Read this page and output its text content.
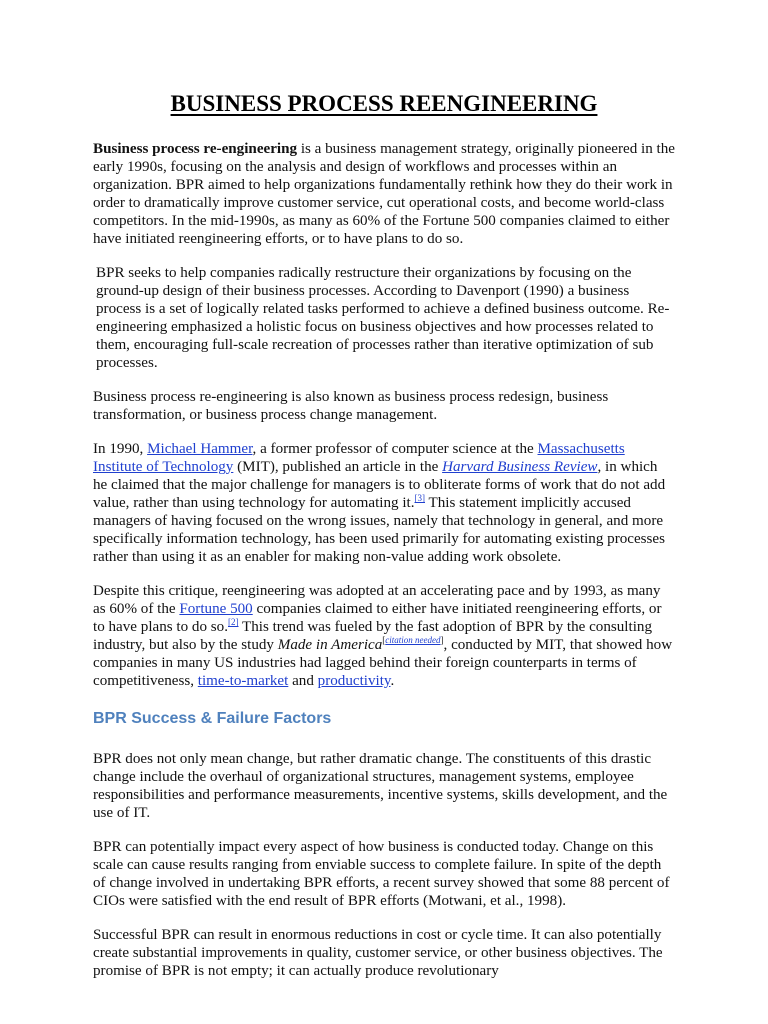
BUSINESS PROCESS REENGINEERING

Business process re-engineering is a business management strategy, originally pioneered in the early 1990s, focusing on the analysis and design of workflows and processes within an organization. BPR aimed to help organizations fundamentally rethink how they do their work in order to dramatically improve customer service, cut operational costs, and become world-class competitors. In the mid-1990s, as many as 60% of the Fortune 500 companies claimed to either have initiated reengineering efforts, or to have plans to do so.

BPR seeks to help companies radically restructure their organizations by focusing on the ground-up design of their business processes. According to Davenport (1990) a business process is a set of logically related tasks performed to achieve a defined business outcome. Re-engineering emphasized a holistic focus on business objectives and how processes related to them, encouraging full-scale recreation of processes rather than iterative optimization of sub processes.

Business process re-engineering is also known as business process redesign, business transformation, or business process change management.

In 1990, Michael Hammer, a former professor of computer science at the Massachusetts Institute of Technology (MIT), published an article in the Harvard Business Review, in which he claimed that the major challenge for managers is to obliterate forms of work that do not add value, rather than using technology for automating it.[3] This statement implicitly accused managers of having focused on the wrong issues, namely that technology in general, and more specifically information technology, has been used primarily for automating existing processes rather than using it as an enabler for making non-value adding work obsolete.

Despite this critique, reengineering was adopted at an accelerating pace and by 1993, as many as 60% of the Fortune 500 companies claimed to either have initiated reengineering efforts, or to have plans to do so.[2] This trend was fueled by the fast adoption of BPR by the consulting industry, but also by the study Made in America[citation needed], conducted by MIT, that showed how companies in many US industries had lagged behind their foreign counterparts in terms of competitiveness, time-to-market and productivity.

BPR Success & Failure Factors

BPR does not only mean change, but rather dramatic change. The constituents of this drastic change include the overhaul of organizational structures, management systems, employee responsibilities and performance measurements, incentive systems, skills development, and the use of IT.

BPR can potentially impact every aspect of how business is conducted today. Change on this scale can cause results ranging from enviable success to complete failure. In spite of the depth of change involved in undertaking BPR efforts, a recent survey showed that some 88 percent of CIOs were satisfied with the end result of BPR efforts (Motwani, et al., 1998).

Successful BPR can result in enormous reductions in cost or cycle time. It can also potentially create substantial improvements in quality, customer service, or other business objectives. The promise of BPR is not empty; it can actually produce revolutionary
